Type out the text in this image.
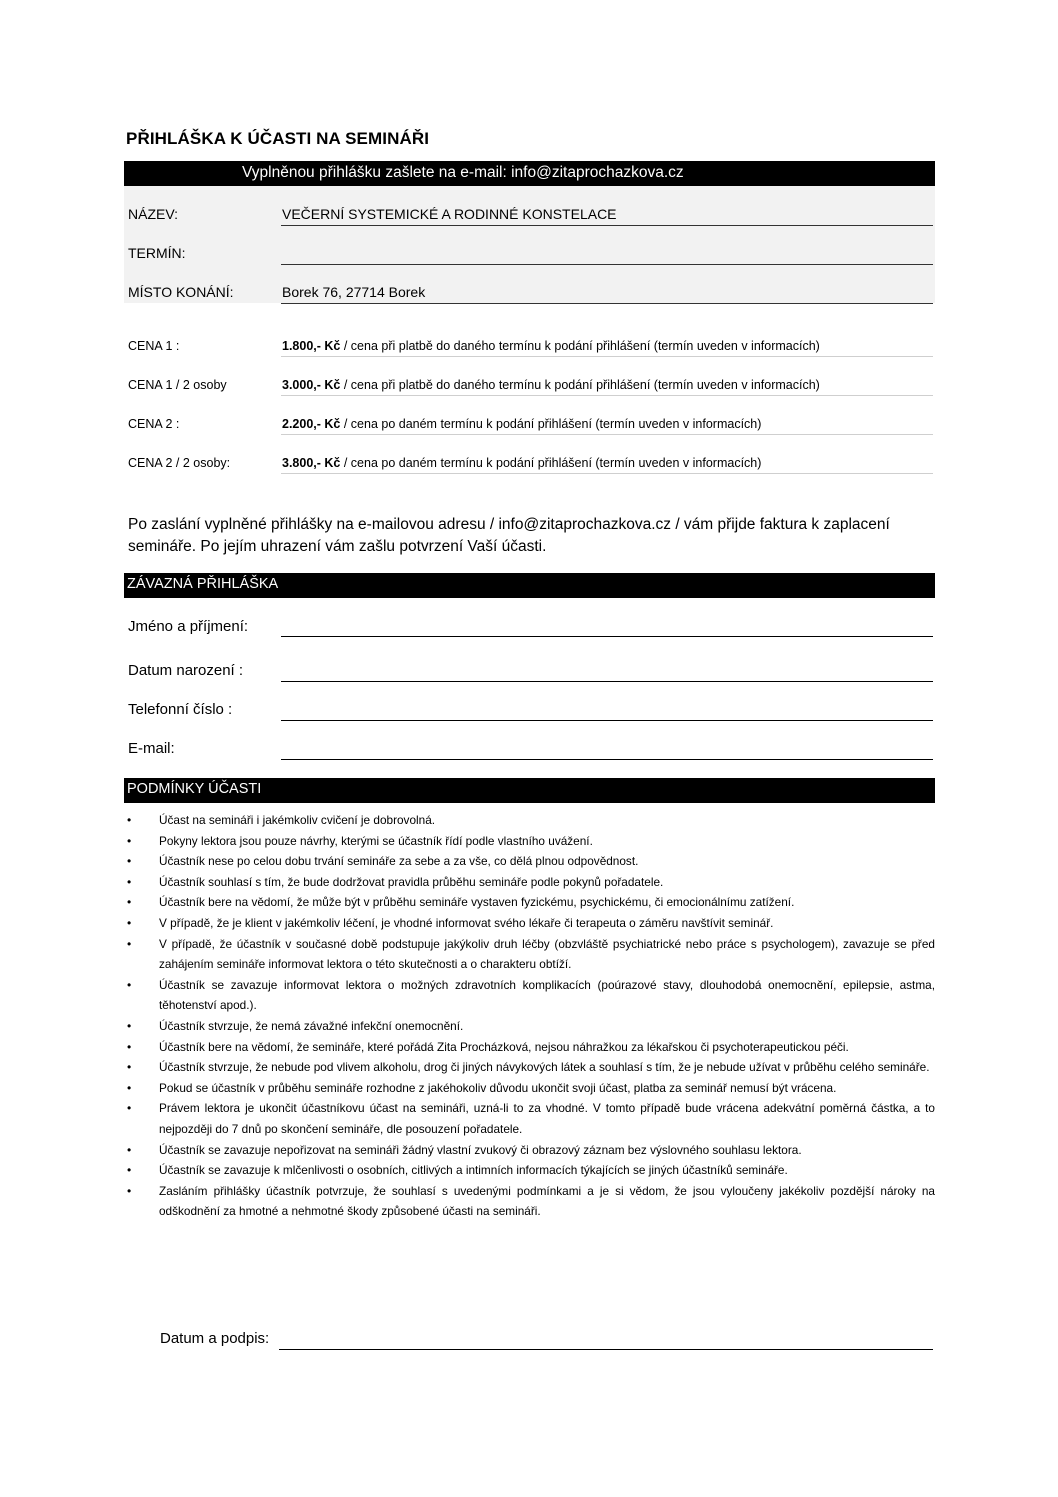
PŘIHLÁŠKA K ÚČASTI NA SEMINÁŘI
Vyplněnou přihlášku zašlete na e-mail: info@zitaprochazkova.cz
NÁZEV:	VEČERNÍ SYSTEMICKÉ A RODINNÉ KONSTELACE
TERMÍN:
MÍSTO KONÁNÍ:	Borek 76, 27714 Borek
CENA 1 :	1.800,- Kč / cena při platbě do daného termínu k podání přihlášení (termín uveden v informacích)
CENA 1 / 2 osoby	3.000,- Kč / cena při platbě do daného termínu k podání přihlášení (termín uveden v informacích)
CENA 2 :	2.200,- Kč / cena po daném termínu k podání přihlášení (termín uveden v informacích)
CENA 2 / 2 osoby:	3.800,- Kč / cena po daném termínu k podání přihlášení (termín uveden v informacích)
Po zaslání vyplněné přihlášky na e-mailovou adresu / info@zitaprochazkova.cz / vám přijde faktura k zaplacení semináře. Po jejím uhrazení vám zašlu potvrzení Vaší účasti.
ZÁVAZNÁ PŘIHLÁŠKA
Jméno a příjmení:
Datum narození :
Telefonní číslo :
E-mail:
PODMÍNKY ÚČASTI
• Účast na semináři i jakémkoliv cvičení je dobrovolná.
• Pokyny lektora jsou pouze návrhy, kterými se účastník řídí podle vlastního uvážení.
• Účastník nese po celou dobu trvání semináře za sebe a za vše, co dělá plnou odpovědnost.
• Účastník souhlasí s tím, že bude dodržovat pravidla průběhu semináře podle pokynů pořadatele.
• Účastník bere na vědomí, že může být v průběhu semináře vystaven fyzickému, psychickému, či emocionálnímu zatížení.
• V případě, že je klient v jakémkoliv léčení, je vhodné informovat svého lékaře či terapeuta o záměru navštívit seminář.
• V případě, že účastník v současné době podstupuje jakýkoliv druh léčby (obzvláště psychiatrické nebo práce s psychologem), zavazuje se před zahájením semináře informovat lektora o této skutečnosti a o charakteru obtíží.
• Účastník se zavazuje informovat lektora o možných zdravotních komplikacích (poúrazové stavy, dlouhodobá onemocnění, epilepsie, astma, těhotenství apod.).
• Účastník stvrzuje, že nemá závažné infekční onemocnění.
• Účastník bere na vědomí, že semináře, které pořádá Zita Procházková, nejsou náhražkou za lékařskou či psychoterapeutickou péči.
• Účastník stvrzuje, že nebude pod vlivem alkoholu, drog či jiných návykových látek a souhlasí s tím, že je nebude užívat v průběhu celého semináře.
• Pokud se účastník v průběhu semináře rozhodne z jakéhokoliv důvodu ukončit svoji účast, platba za seminář nemusí být vrácena.
• Právem lektora je ukončit účastníkovu účast na semináři, uzná-li to za vhodné. V tomto případě bude vrácena adekvátní poměrná částka, a to nejpozději do 7 dnů po skončení semináře, dle posouzení pořadatele.
• Účastník se zavazuje nepořizovat na semináři žádný vlastní zvukový či obrazový záznam bez výslovného souhlasu lektora.
• Účastník se zavazuje k mlčenlivosti o osobních, citlivých a intimních informacích týkajících se jiných účastníků semináře.
• Zasláním přihlášky účastník potvrzuje, že souhlasí s uvedenými podmínkami a je si vědom, že jsou vyloučeny jakékoliv pozdější nároky na odškodnění za hmotné a nehmotné škody způsobené účasti na semináři.
Datum a podpis:
